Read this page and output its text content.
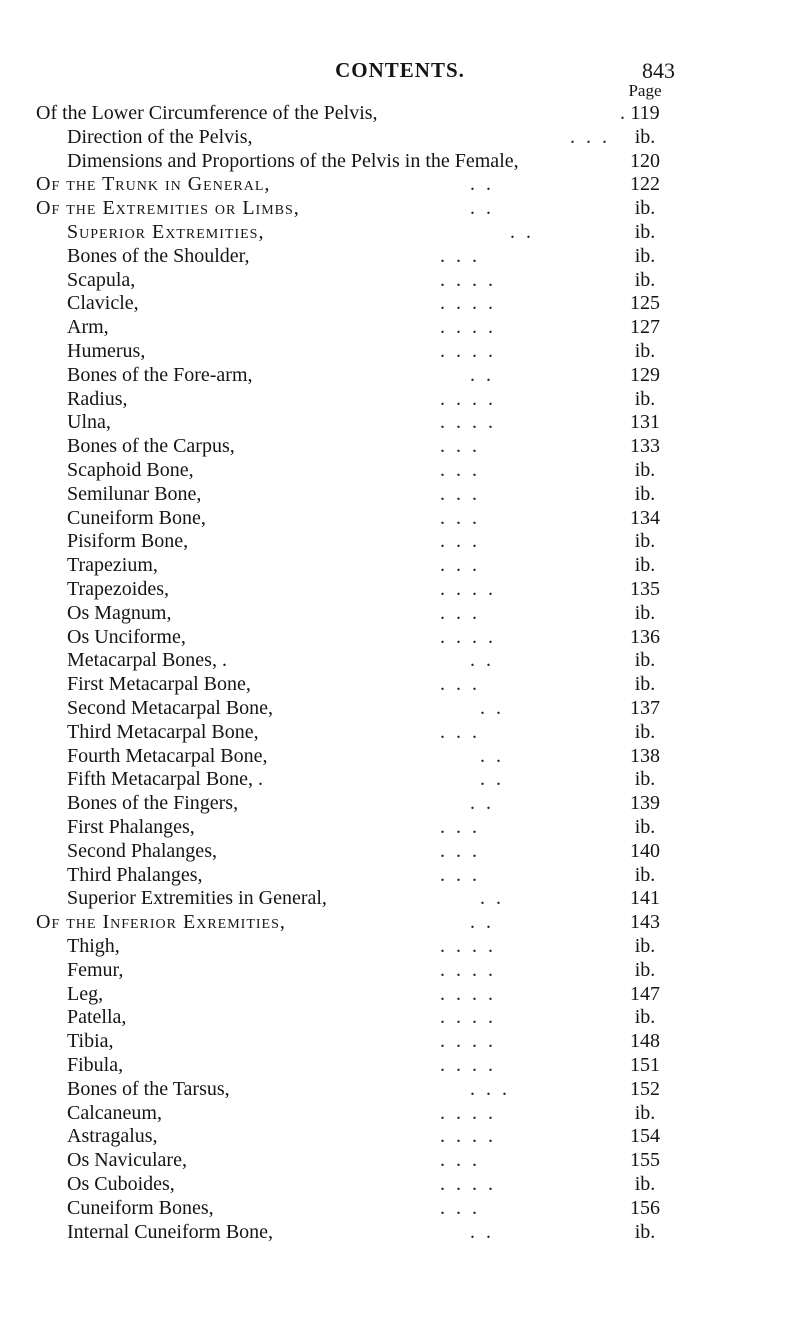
CONTENTS.	843
Page
Of the Lower Circumference of the Pelvis,	. 119
Direction of the Pelvis,	. . .	ib.
Dimensions and Proportions of the Pelvis in the Female,	120
Of the Trunk in General,	. .	122
Of the Extremities or Limbs,	. .	ib.
Superior Extremities,	. .	ib.
Bones of the Shoulder,	. . .	ib.
Scapula,	. . . .	ib.
Clavicle,	. . . .	125
Arm,	. . . .	127
Humerus,	. . . .	ib.
Bones of the Fore-arm,	. .	129
Radius,	. . . .	ib.
Ulna,	. . . .	131
Bones of the Carpus,	. . .	133
Scaphoid Bone,	. . .	ib.
Semilunar Bone,	. . .	ib.
Cuneiform Bone,	. . .	134
Pisiform Bone,	. . .	ib.
Trapezium,	. . .	ib.
Trapezoides,	. . . .	135
Os Magnum,	. . .	ib.
Os Unciforme,	. . . .	136
Metacarpal Bones, .	. .	ib.
First Metacarpal Bone,	. . .	ib.
Second Metacarpal Bone,	. .	137
Third Metacarpal Bone,	. . .	ib.
Fourth Metacarpal Bone,	. .	138
Fifth Metacarpal Bone, .	. .	ib.
Bones of the Fingers,	. .	139
First Phalanges,	. . .	ib.
Second Phalanges,	. . .	140
Third Phalanges,	. . .	ib.
Superior Extremities in General,	. .	141
Of the Inferior Exremities,	. .	143
Thigh,	. . . .	ib.
Femur,	. . . .	ib.
Leg,	. . . .	147
Patella,	. . . .	ib.
Tibia,	. . . .	148
Fibula,	. . . .	151
Bones of the Tarsus,	. . .	152
Calcaneum,	. . . .	ib.
Astragalus,	. . . .	154
Os Naviculare,	. . .	155
Os Cuboides,	. . . .	ib.
Cuneiform Bones,	. . .	156
Internal Cuneiform Bone,	. .	ib.
